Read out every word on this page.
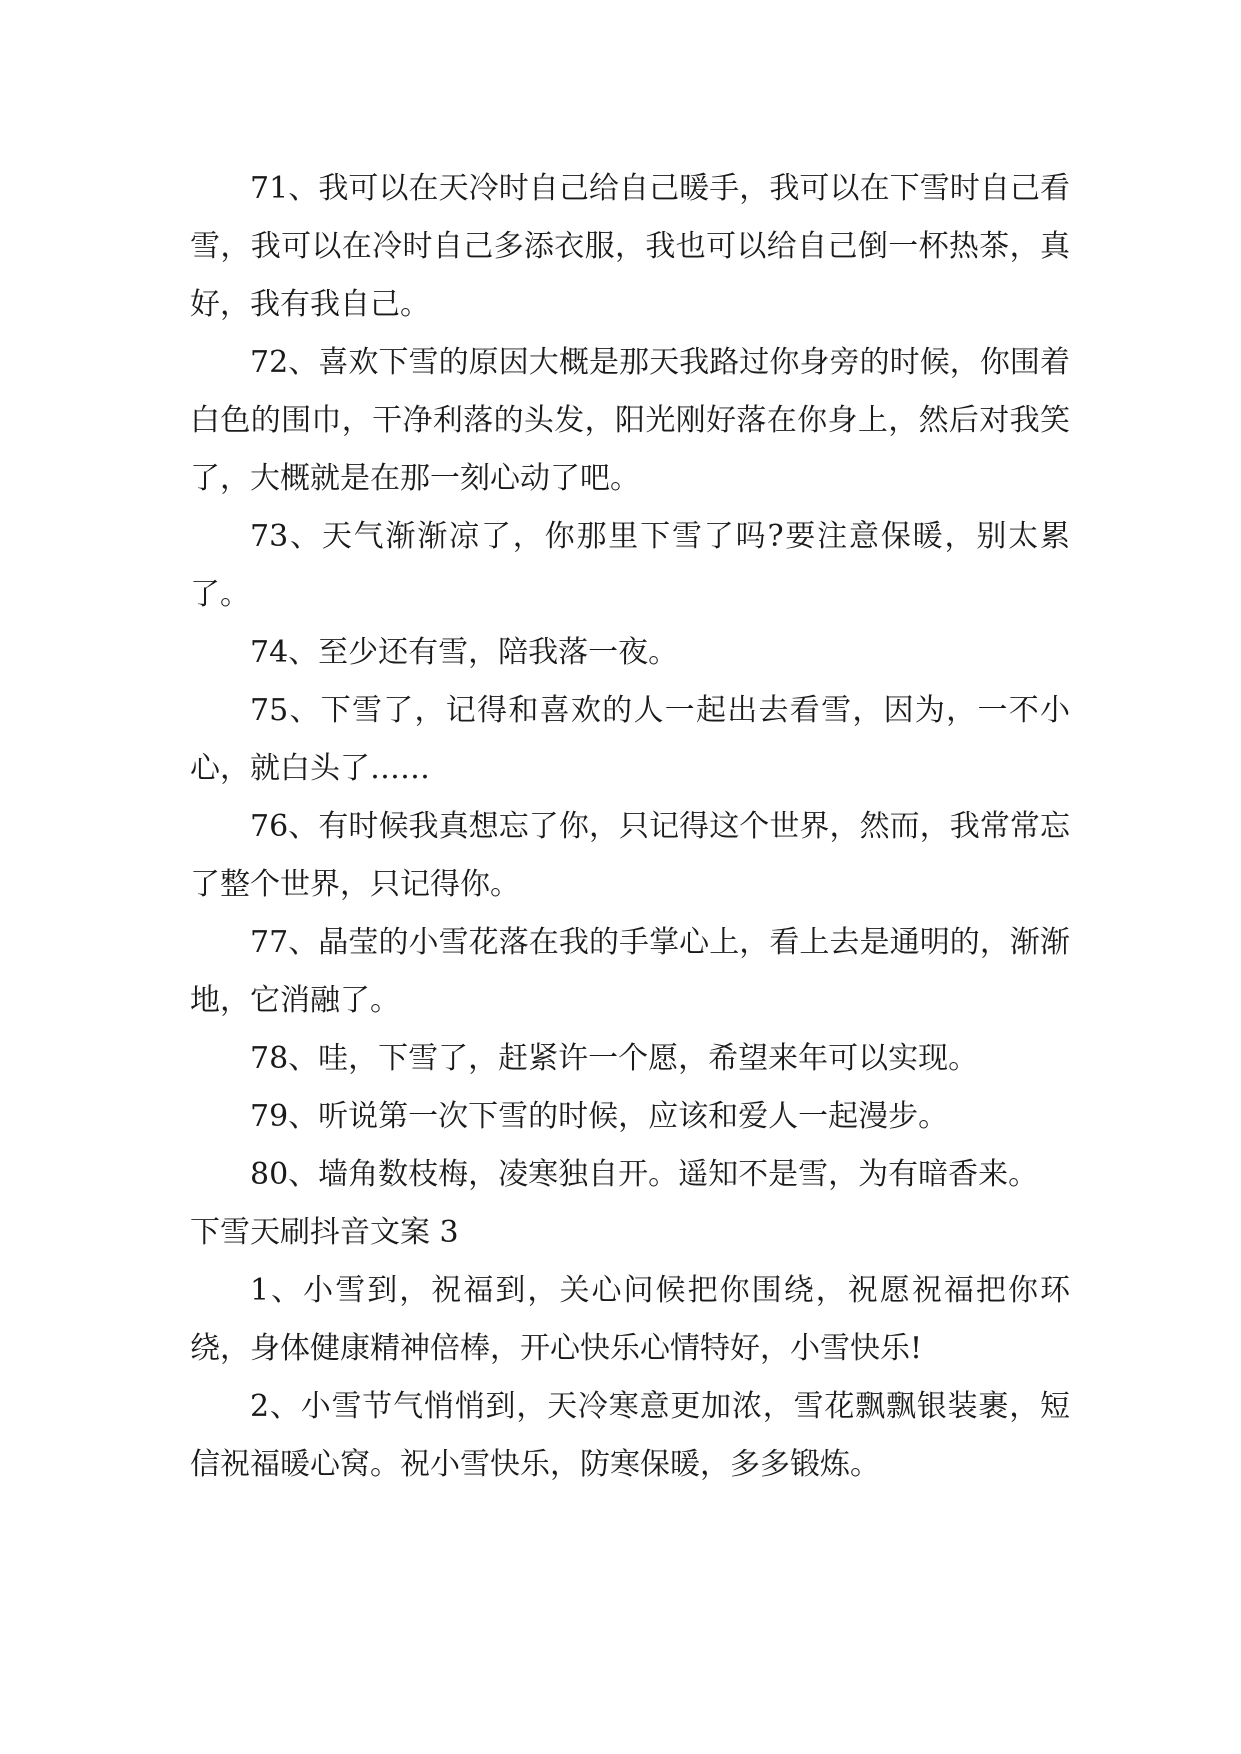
71、我可以在天冷时自己给自己暖手，我可以在下雪时自己看雪，我可以在冷时自己多添衣服，我也可以给自己倒一杯热茶，真好，我有我自己。

72、喜欢下雪的原因大概是那天我路过你身旁的时候，你围着白色的围巾，干净利落的头发，阳光刚好落在你身上，然后对我笑了，大概就是在那一刻心动了吧。

73、天气渐渐凉了，你那里下雪了吗?要注意保暖，别太累了。

74、至少还有雪，陪我落一夜。

75、下雪了，记得和喜欢的人一起出去看雪，因为，一不小心，就白头了……

76、有时候我真想忘了你，只记得这个世界，然而，我常常忘了整个世界，只记得你。

77、晶莹的小雪花落在我的手掌心上，看上去是通明的，渐渐地，它消融了。

78、哇，下雪了，赶紧许一个愿，希望来年可以实现。

79、听说第一次下雪的时候，应该和爱人一起漫步。

80、墙角数枝梅，凌寒独自开。遥知不是雪，为有暗香来。

下雪天刷抖音文案 3

1、小雪到，祝福到，关心问候把你围绕，祝愿祝福把你环绕，身体健康精神倍棒，开心快乐心情特好，小雪快乐!

2、小雪节气悄悄到，天冷寒意更加浓，雪花飘飘银装裹，短信祝福暖心窝。祝小雪快乐，防寒保暖，多多锻炼。
